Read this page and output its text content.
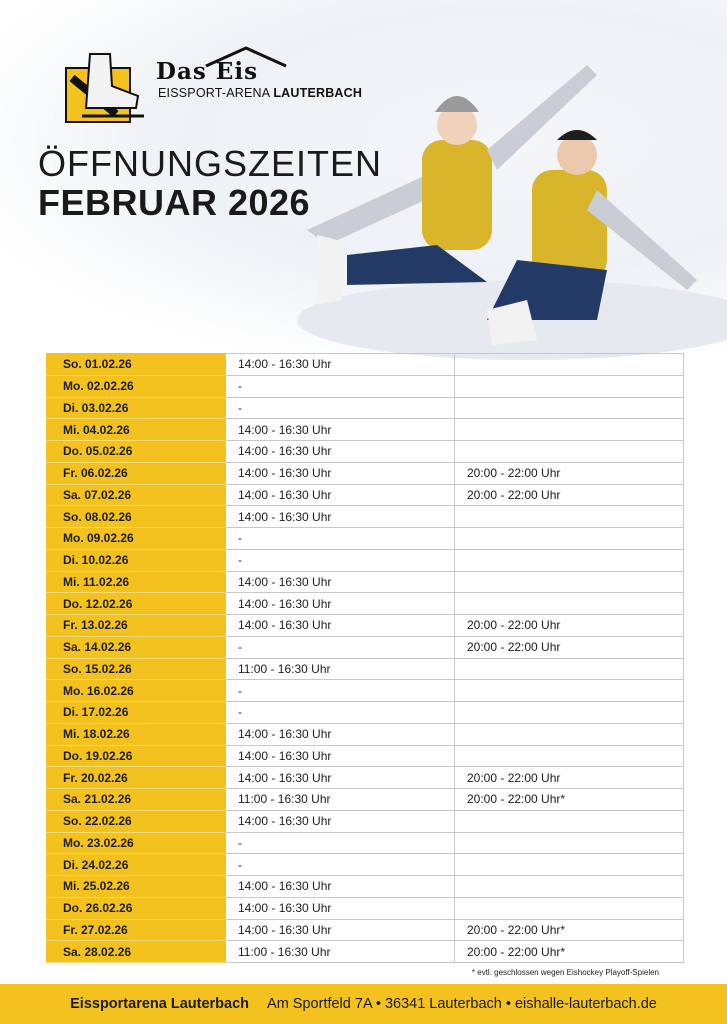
Das Eis
EISSPORT-ARENA LAUTERBACH
ÖFFNUNGSZEITEN
FEBRUAR 2026
So. 01.02.26	14:00 - 16:30 Uhr	
Mo. 02.02.26	-	
Di. 03.02.26	-	
Mi. 04.02.26	14:00 - 16:30 Uhr	
Do. 05.02.26	14:00 - 16:30 Uhr	
Fr. 06.02.26	14:00 - 16:30 Uhr	20:00 - 22:00 Uhr
Sa. 07.02.26	14:00 - 16:30 Uhr	20:00 - 22:00 Uhr
So. 08.02.26	14:00 - 16:30 Uhr	
Mo. 09.02.26	-	
Di. 10.02.26	-	
Mi. 11.02.26	14:00 - 16:30 Uhr	
Do. 12.02.26	14:00 - 16:30 Uhr	
Fr. 13.02.26	14:00 - 16:30 Uhr	20:00 - 22:00 Uhr
Sa. 14.02.26	-	20:00 - 22:00 Uhr
So. 15.02.26	11:00 - 16:30 Uhr	
Mo. 16.02.26	-	
Di. 17.02.26	-	
Mi. 18.02.26	14:00 - 16:30 Uhr	
Do. 19.02.26	14:00 - 16:30 Uhr	
Fr. 20.02.26	14:00 - 16:30 Uhr	20:00 - 22:00 Uhr
Sa. 21.02.26	11:00 - 16:30 Uhr	20:00 - 22:00 Uhr*
So. 22.02.26	14:00 - 16:30 Uhr	
Mo. 23.02.26	-	
Di. 24.02.26	-	
Mi. 25.02.26	14:00 - 16:30 Uhr	
Do. 26.02.26	14:00 - 16:30 Uhr	
Fr. 27.02.26	14:00 - 16:30 Uhr	20:00 - 22:00 Uhr*
Sa. 28.02.26	11:00 - 16:30 Uhr	20:00 - 22:00 Uhr*
* evtl. geschlossen wegen Eishockey Playoff-Spielen
Eissportarena Lauterbach Am Sportfeld 7A • 36341 Lauterbach • eishalle-lauterbach.de
